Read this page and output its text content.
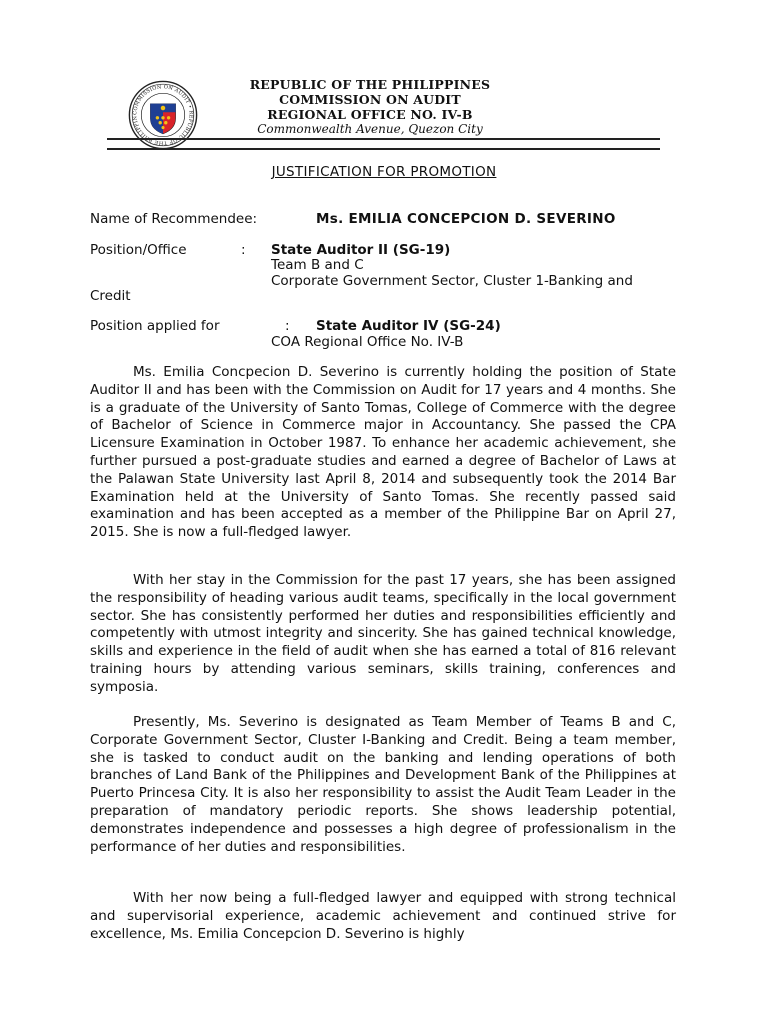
COMMISSION ON AUDIT • REPUBLIC OF THE PHILIPPIN
REPUBLIC OF THE PHILIPPINES
COMMISSION ON AUDIT
REGIONAL OFFICE NO. IV-B
Commonwealth Avenue, Quezon City
JUSTIFICATION FOR PROMOTION
Name of Recommendee:	Ms. EMILIA CONCEPCION D. SEVERINO
Position/Office	: State Auditor II (SG-19)
Team B and C
Corporate Government Sector, Cluster 1-Banking and
Credit
Position applied for	: State Auditor IV (SG-24)
COA Regional Office No. IV-B

Ms. Emilia Concpecion D. Severino is currently holding the position of State Auditor II and has been with the Commission on Audit for 17 years and 4 months. She is a graduate of the University of Santo Tomas, College of Commerce with the degree of Bachelor of Science in Commerce major in Accountancy. She passed the CPA Licensure Examination in October 1987. To enhance her academic achievement, she further pursued a post-graduate studies and earned a degree of Bachelor of Laws at the Palawan State University last April 8, 2014 and subsequently took the 2014 Bar Examination held at the University of Santo Tomas. She recently passed said examination and has been accepted as a member of the Philippine Bar on April 27, 2015. She is now a full-fledged lawyer.

With her stay in the Commission for the past 17 years, she has been assigned the responsibility of heading various audit teams, specifically in the local government sector. She has consistently performed her duties and responsibilities efficiently and competently with utmost integrity and sincerity. She has gained technical knowledge, skills and experience in the field of audit when she has earned a total of 816 relevant training hours by attending various seminars, skills training, conferences and symposia.

Presently, Ms. Severino is designated as Team Member of Teams B and C, Corporate Government Sector, Cluster I-Banking and Credit. Being a team member, she is tasked to conduct audit on the banking and lending operations of both branches of Land Bank of the Philippines and Development Bank of the Philippines at Puerto Princesa City. It is also her responsibility to assist the Audit Team Leader in the preparation of mandatory periodic reports. She shows leadership potential, demonstrates independence and possesses a high degree of professionalism in the performance of her duties and responsibilities.

With her now being a full-fledged lawyer and equipped with strong technical and supervisorial experience, academic achievement and continued strive for excellence, Ms. Emilia Concepcion D. Severino is highly
